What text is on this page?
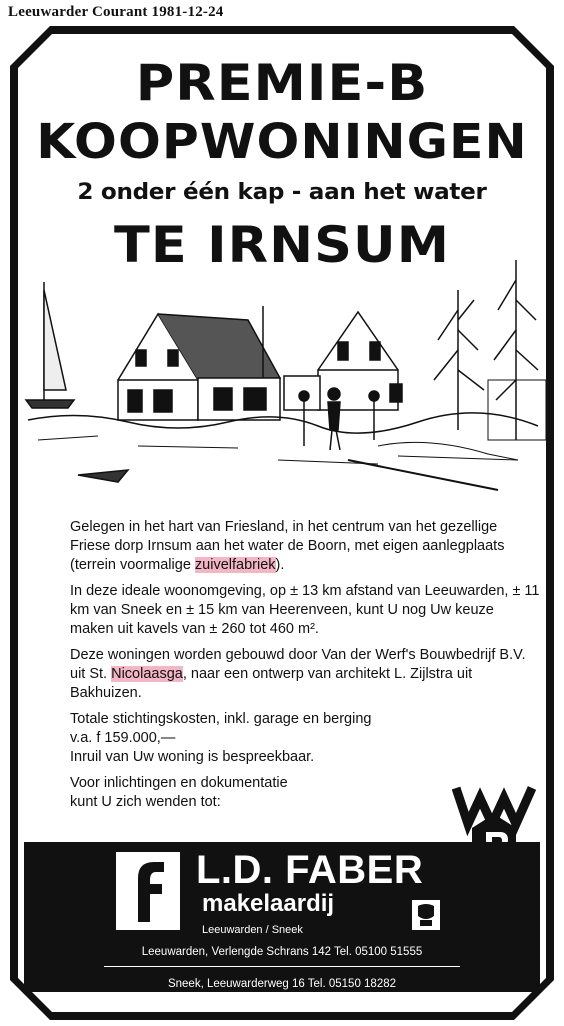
Leeuwarder Courant 1981-12-24
PREMIE-B
KOOPWONINGEN
2 onder één kap - aan het water
TE IRNSUM

Gelegen in het hart van Friesland, in het centrum van het gezellige Friese dorp Irnsum aan het water de Boorn, met eigen aanlegplaats (terrein voormalige zuivelfabriek).

In deze ideale woonomgeving, op ± 13 km afstand van Leeuwarden, ± 11 km van Sneek en ± 15 km van Heerenveen, kunt U nog Uw keuze maken uit kavels van ± 260 tot 460 m².

Deze woningen worden gebouwd door Van der Werf's Bouwbedrijf B.V. uit St. Nicolaasga, naar een ontwerp van architekt L. Zijlstra uit Bakhuizen.

Totale stichtingskosten, inkl. garage en berging
v.a. f 159.000,—
Inruil van Uw woning is bespreekbaar.

Voor inlichtingen en dokumentatie
kunt U zich wenden tot:

L.D. FABER
makelaardij
Leeuwarden / Sneek
Leeuwarden, Verlengde Schrans 142 Tel. 05100 51555
Sneek, Leeuwarderweg 16 Tel. 05150 18282
